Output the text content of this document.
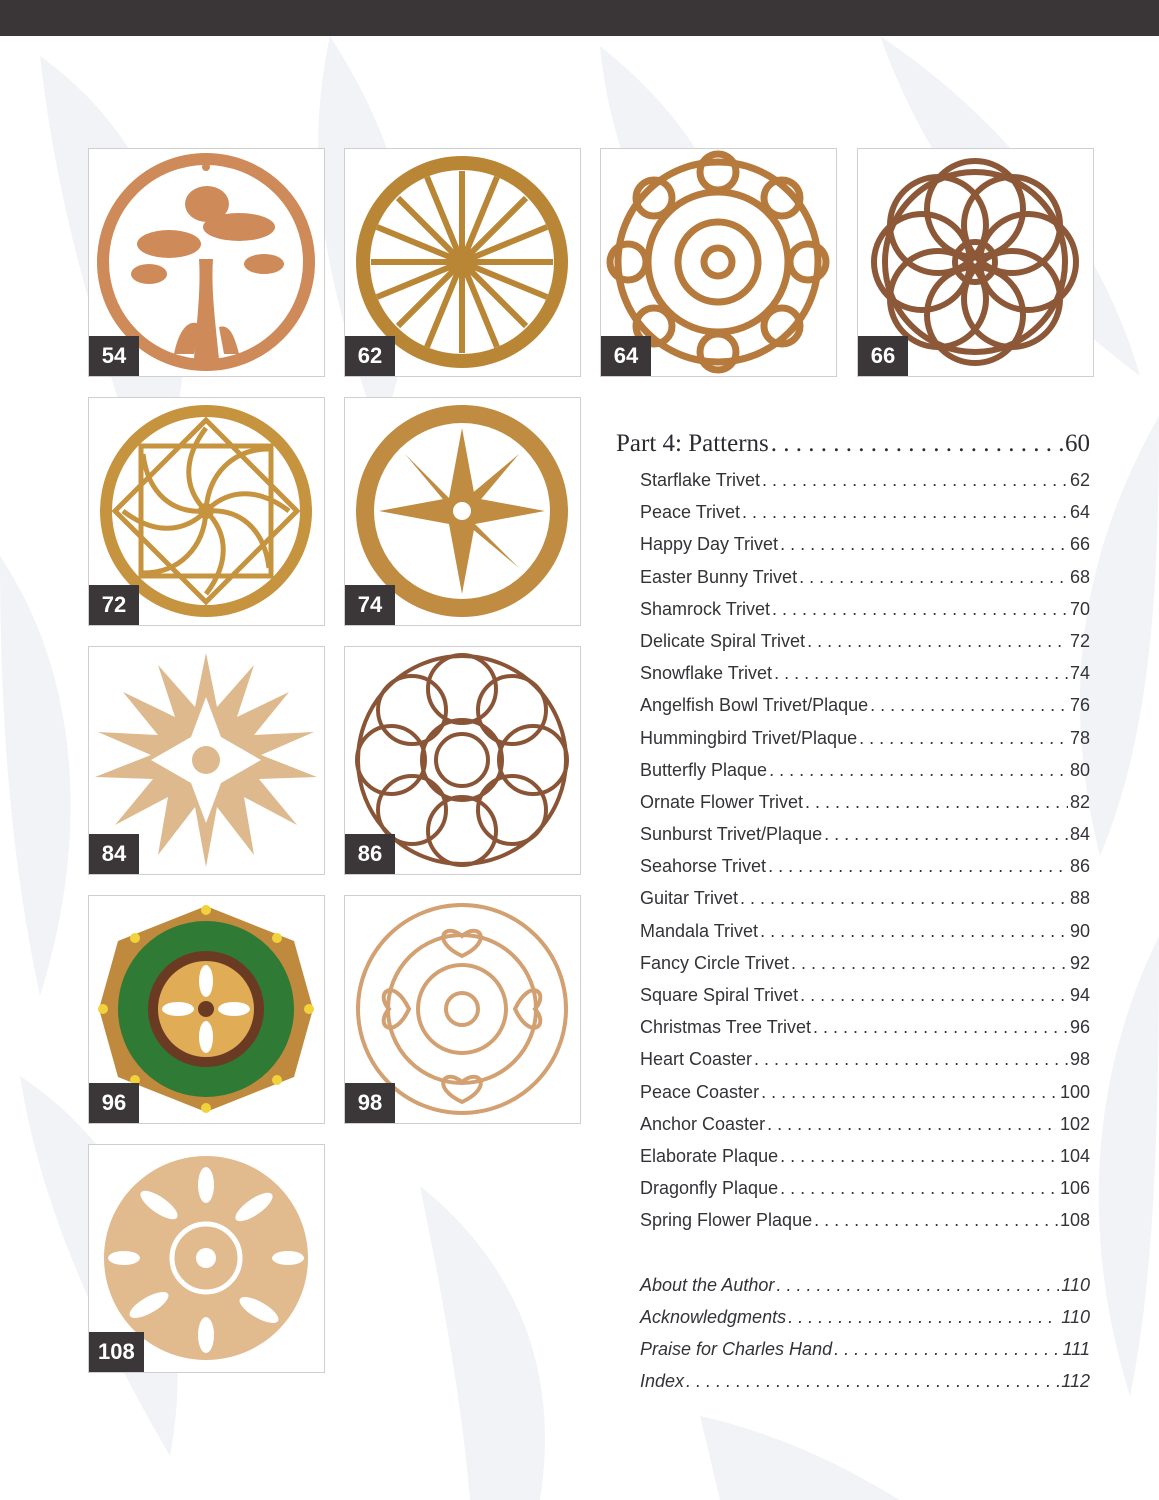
54	62	64	66
72	74
84	86
96	98
108
Part 4: Patterns . . .	60
Starflake Trivet . . .	62
Peace Trivet . . .	64
Happy Day Trivet . . .	66
Easter Bunny Trivet . . .	68
Shamrock Trivet . . .	70
Delicate Spiral Trivet . . .	72
Snowflake Trivet . . .	74
Angelfish Bowl Trivet/Plaque . . .	76
Hummingbird Trivet/Plaque . . .	78
Butterfly Plaque . . .	80
Ornate Flower Trivet . . .	82
Sunburst Trivet/Plaque . . .	84
Seahorse Trivet . . .	86
Guitar Trivet . . .	88
Mandala Trivet . . .	90
Fancy Circle Trivet . . .	92
Square Spiral Trivet . . .	94
Christmas Tree Trivet . . .	96
Heart Coaster . . .	98
Peace Coaster . . .	100
Anchor Coaster . . .	102
Elaborate Plaque . . .	104
Dragonfly Plaque . . .	106
Spring Flower Plaque . . .	108
About the Author . . .	110
Acknowledgments . . .	110
Praise for Charles Hand . . .	111
Index . . .	112
